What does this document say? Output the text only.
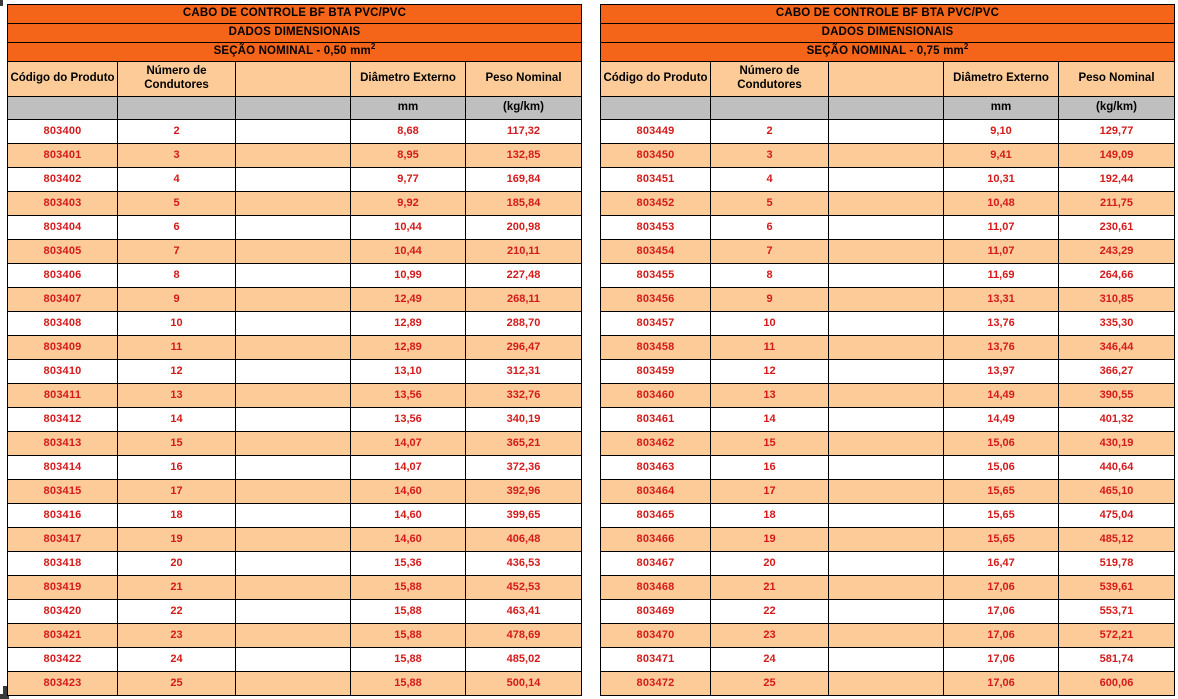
CABO DE CONTROLE BF BTA PVC/PVC				
DADOS DIMENSIONAIS				
SEÇÃO NOMINAL - 0,50 $mm^2$
Código do Produto	Número de
Condutores		Diâmetro Externo	Peso Nominal
			mm	(kg/km)
803400	2		8,68	117,32
803401	3		8,95	132,85
803402	4		9,77	169,84
803403	5		9,92	185,84
803404	6		10,44	200,98
803405	7		10,44	210,11
803406	8		10,99	227,48
803407	9		12,49	268,11
803408	10		12,89	288,70
803409	11		12,89	296,47
803410	12		13,10	312,31
803411	13		13,56	332,76
803412	14		13,56	340,19
803413	15		14,07	365,21
803414	16		14,07	372,36
803415	17		14,60	392,96
803416	18		14,60	399,65
803417	19		14,60	406,48
803418	20		15,36	436,53
803419	21		15,88	452,53
803420	22		15,88	463,41
803421	23		15,88	478,69
803422	24		15,88	485,02
803423	25		15,88	500,14
CABO DE CONTROLE BF BTA PVC/PVC				
DADOS DIMENSIONAIS				
SEÇÃO NOMINAL - 0,75 $mm^2$
Código do Produto	Número de
Condutores		Diâmetro Externo	Peso Nominal
			mm	(kg/km)
803449	2		9,10	129,77
803450	3		9,41	149,09
803451	4		10,31	192,44
803452	5		10,48	211,75
803453	6		11,07	230,61
803454	7		11,07	243,29
803455	8		11,69	264,66
803456	9		13,31	310,85
803457	10		13,76	335,30
803458	11		13,76	346,44
803459	12		13,97	366,27
803460	13		14,49	390,55
803461	14		14,49	401,32
803462	15		15,06	430,19
803463	16		15,06	440,64
803464	17		15,65	465,10
803465	18		15,65	475,04
803466	19		15,65	485,12
803467	20		16,47	519,78
803468	21		17,06	539,61
803469	22		17,06	553,71
803470	23		17,06	572,21
803471	24		17,06	581,74
803472	25		17,06	600,06
